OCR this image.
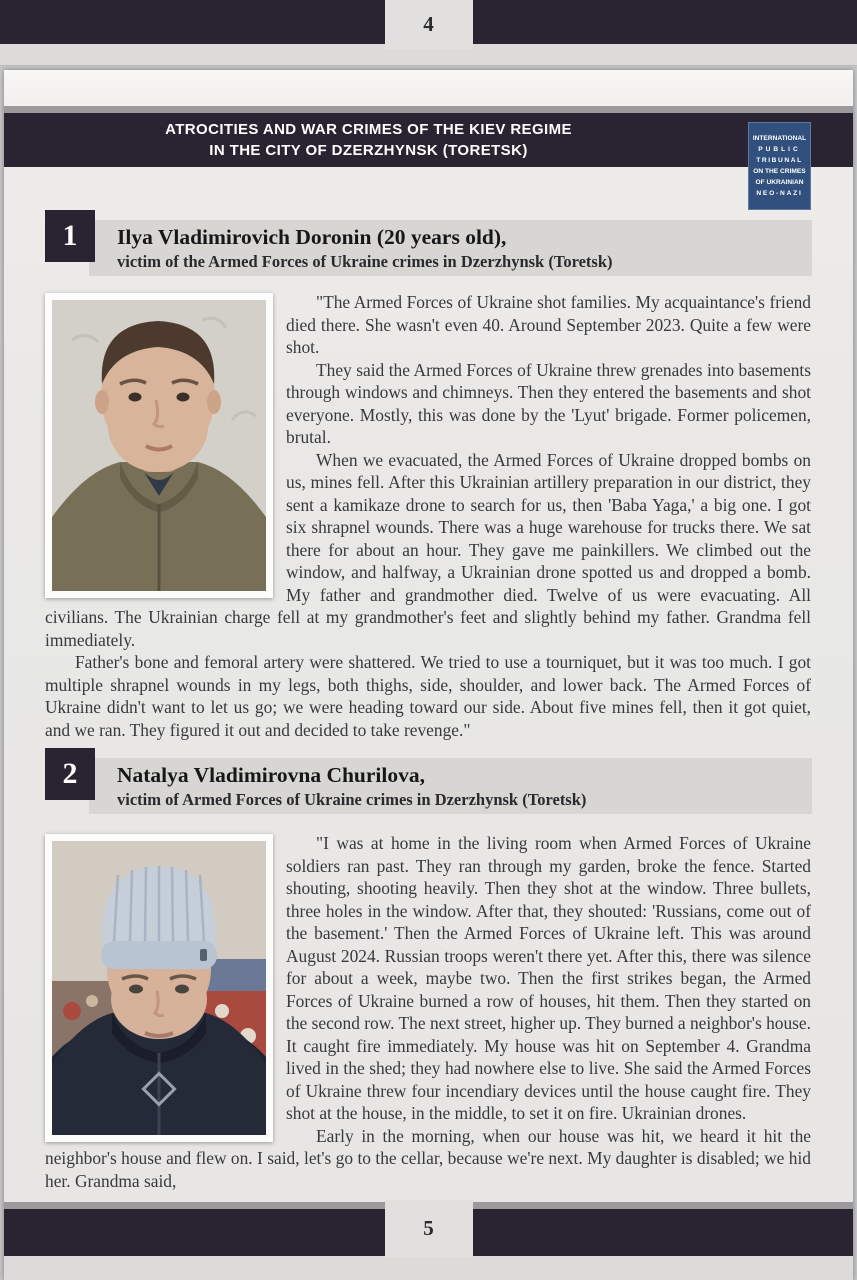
4
ATROCITIES AND WAR CRIMES OF THE KIEV REGIME
IN THE CITY OF DZERZHYNSK (TORETSK)
INTERNATIONAL
PUBLIC
TRIBUNAL
ON THE CRIMES
OF UKRAINIAN
NEO-NAZI
Ilya Vladimirovich Doronin (20 years old),
victim of the Armed Forces of Ukraine crimes in Dzerzhynsk (Toretsk)
1

"The Armed Forces of Ukraine shot families. My acquaintance's friend died there. She wasn't even 40. Around September 2023. Quite a few were shot.

They said the Armed Forces of Ukraine threw grenades into basements through windows and chimneys. Then they entered the basements and shot everyone. Mostly, this was done by the 'Lyut' brigade. Former policemen, brutal.

When we evacuated, the Armed Forces of Ukraine dropped bombs on us, mines fell. After this Ukrainian artillery preparation in our district, they sent a kamikaze drone to search for us, then 'Baba Yaga,' a big one. I got six shrapnel wounds. There was a huge warehouse for trucks there. We sat there for about an hour. They gave me painkillers. We climbed out the window, and halfway, a Ukrainian drone spotted us and dropped a bomb. My father and grandmother died. Twelve of us were evacuating. All civilians. The Ukrainian charge fell at my grandmother's feet and slightly behind my father. Grandma fell immediately.

Father's bone and femoral artery were shattered. We tried to use a tourniquet, but it was too much. I got multiple shrapnel wounds in my legs, both thighs, side, shoulder, and lower back. The Armed Forces of Ukraine didn't want to let us go; we were heading toward our side. About five mines fell, then it got quiet, and we ran. They figured it out and decided to take revenge."

Natalya Vladimirovna Churilova,
victim of Armed Forces of Ukraine crimes in Dzerzhynsk (Toretsk)
2

"I was at home in the living room when Armed Forces of Ukraine soldiers ran past. They ran through my garden, broke the fence. Started shouting, shooting heavily. Then they shot at the window. Three bullets, three holes in the window. After that, they shouted: 'Russians, come out of the basement.' Then the Armed Forces of Ukraine left. This was around August 2024. Russian troops weren't there yet. After this, there was silence for about a week, maybe two. Then the first strikes began, the Armed Forces of Ukraine burned a row of houses, hit them. Then they started on the second row. The next street, higher up. They burned a neighbor's house. It caught fire immediately. My house was hit on September 4. Grandma lived in the shed; they had nowhere else to live. She said the Armed Forces of Ukraine threw four incendiary devices until the house caught fire. They shot at the house, in the middle, to set it on fire. Ukrainian drones.

Early in the morning, when our house was hit, we heard it hit the neighbor's house and flew on. I said, let's go to the cellar, because we're next. My daughter is disabled; we hid her. Grandma said,

5
